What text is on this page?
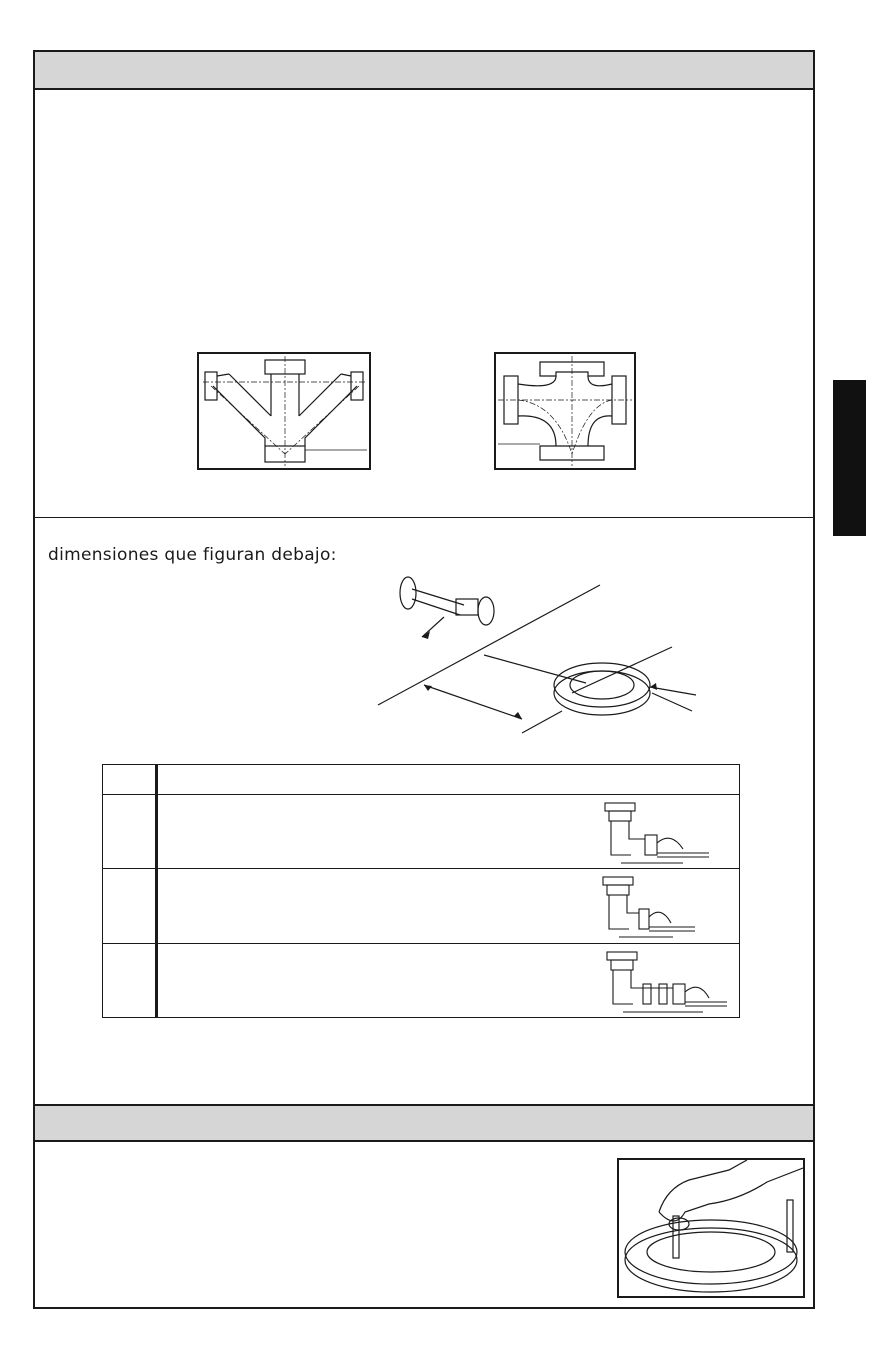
dimensiones que figuran debajo:
